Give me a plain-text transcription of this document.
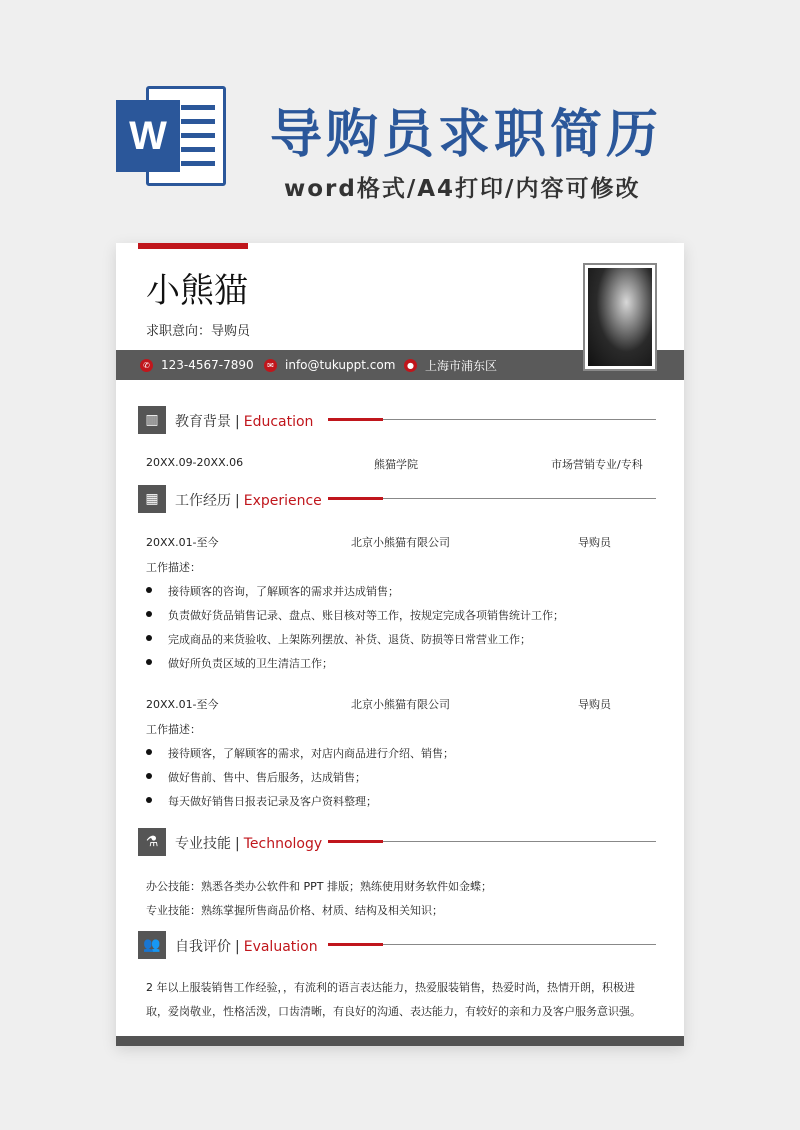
W 导购员求职简历
word格式/A4打印/内容可修改
小熊猫
求职意向：导购员
✆ 123-4567-7890	✉ info@tukuppt.com	● 上海市浦东区
▥	教育背景 | Education
20XX.09-20XX.06	熊猫学院	市场营销专业/专科
▦	工作经历 | Experience
20XX.01-至今	北京小熊猫有限公司	导购员
工作描述：
接待顾客的咨询，了解顾客的需求并达成销售；
负责做好货品销售记录、盘点、账目核对等工作，按规定完成各项销售统计工作；
完成商品的来货验收、上架陈列摆放、补货、退货、防损等日常营业工作；
做好所负责区域的卫生清洁工作；
20XX.01-至今	北京小熊猫有限公司	导购员
工作描述：
接待顾客，了解顾客的需求，对店内商品进行介绍、销售；
做好售前、售中、售后服务，达成销售；
每天做好销售日报表记录及客户资料整理；
⚗	专业技能 | Technology
办公技能：熟悉各类办公软件和 PPT 排版；熟练使用财务软件如金蝶；
专业技能：熟练掌握所售商品价格、材质、结构及相关知识；
👥	自我评价 | Evaluation
2 年以上服装销售工作经验，，有流利的语言表达能力，热爱服装销售，热爱时尚，热情开朗，积极进取，爱岗敬业，性格活泼，口齿清晰，有良好的沟通、表达能力，有较好的亲和力及客户服务意识强。
